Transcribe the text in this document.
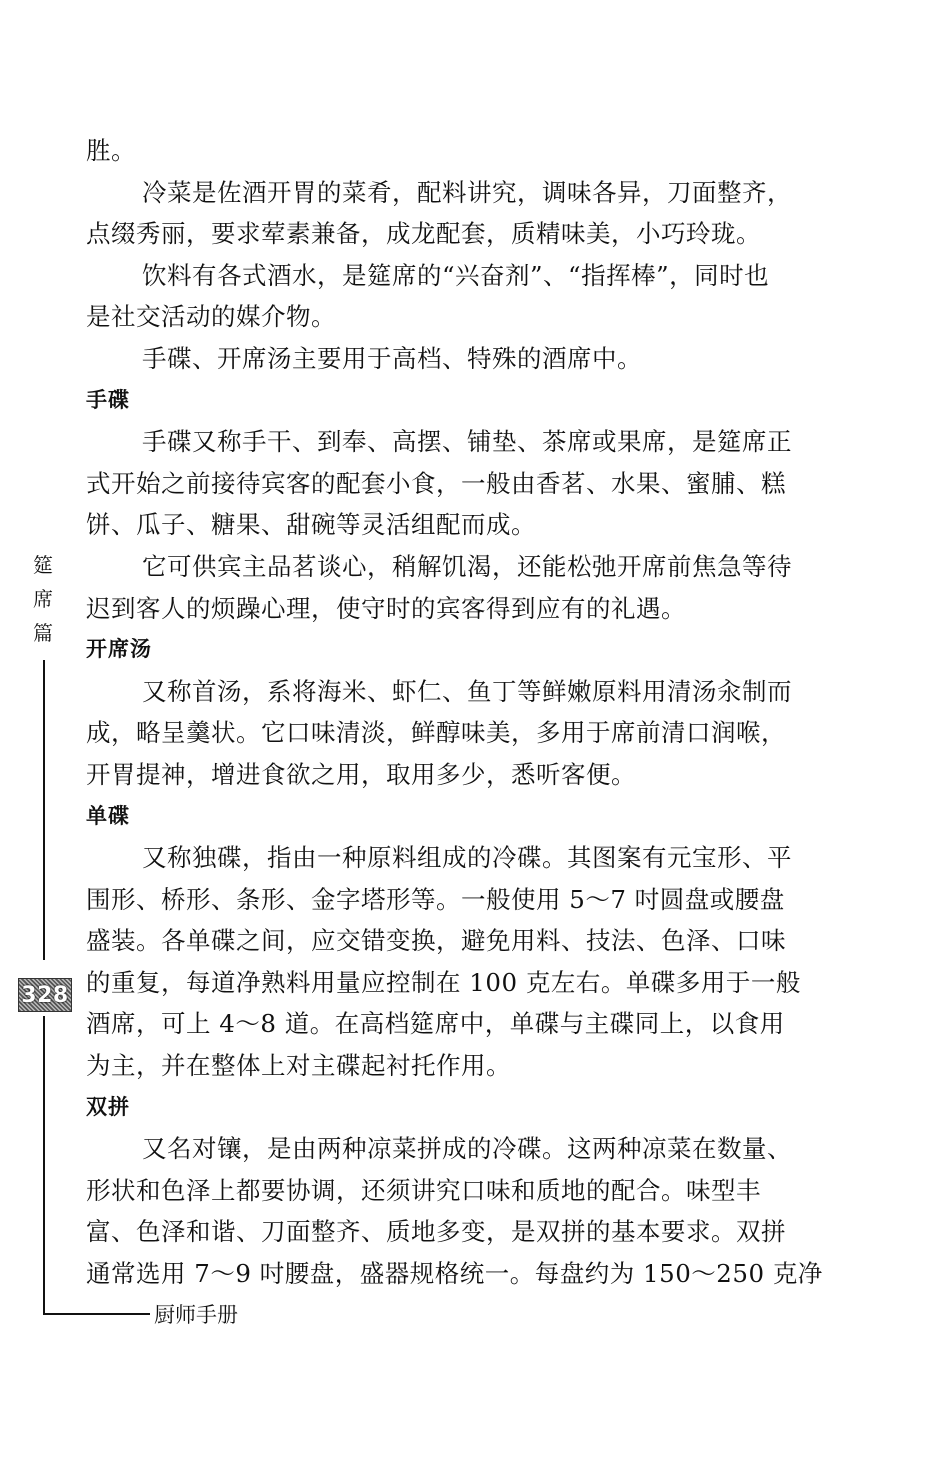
筵
席
篇
328
厨师手册
胜。
冷菜是佐酒开胃的菜肴，配料讲究，调味各异，刀面整齐，
点缀秀丽，要求荤素兼备，成龙配套，质精味美，小巧玲珑。
饮料有各式酒水，是筵席的“兴奋剂”、“指挥棒”，同时也
是社交活动的媒介物。
手碟、开席汤主要用于高档、特殊的酒席中。
手碟
手碟又称手干、到奉、高摆、铺垫、茶席或果席，是筵席正
式开始之前接待宾客的配套小食，一般由香茗、水果、蜜脯、糕
饼、瓜子、糖果、甜碗等灵活组配而成。
它可供宾主品茗谈心，稍解饥渴，还能松弛开席前焦急等待
迟到客人的烦躁心理，使守时的宾客得到应有的礼遇。
开席汤
又称首汤，系将海米、虾仁、鱼丁等鲜嫩原料用清汤汆制而
成，略呈羹状。它口味清淡，鲜醇味美，多用于席前清口润喉，
开胃提神，增进食欲之用，取用多少，悉听客便。
单碟
又称独碟，指由一种原料组成的冷碟。其图案有元宝形、平
围形、桥形、条形、金字塔形等。一般使用 5～7 吋圆盘或腰盘
盛装。各单碟之间，应交错变换，避免用料、技法、色泽、口味
的重复，每道净熟料用量应控制在 100 克左右。单碟多用于一般
酒席，可上 4～8 道。在高档筵席中，单碟与主碟同上，以食用
为主，并在整体上对主碟起衬托作用。
双拼
又名对镶，是由两种凉菜拼成的冷碟。这两种凉菜在数量、
形状和色泽上都要协调，还须讲究口味和质地的配合。味型丰
富、色泽和谐、刀面整齐、质地多变，是双拼的基本要求。双拼
通常选用 7～9 吋腰盘，盛器规格统一。每盘约为 150～250 克净
